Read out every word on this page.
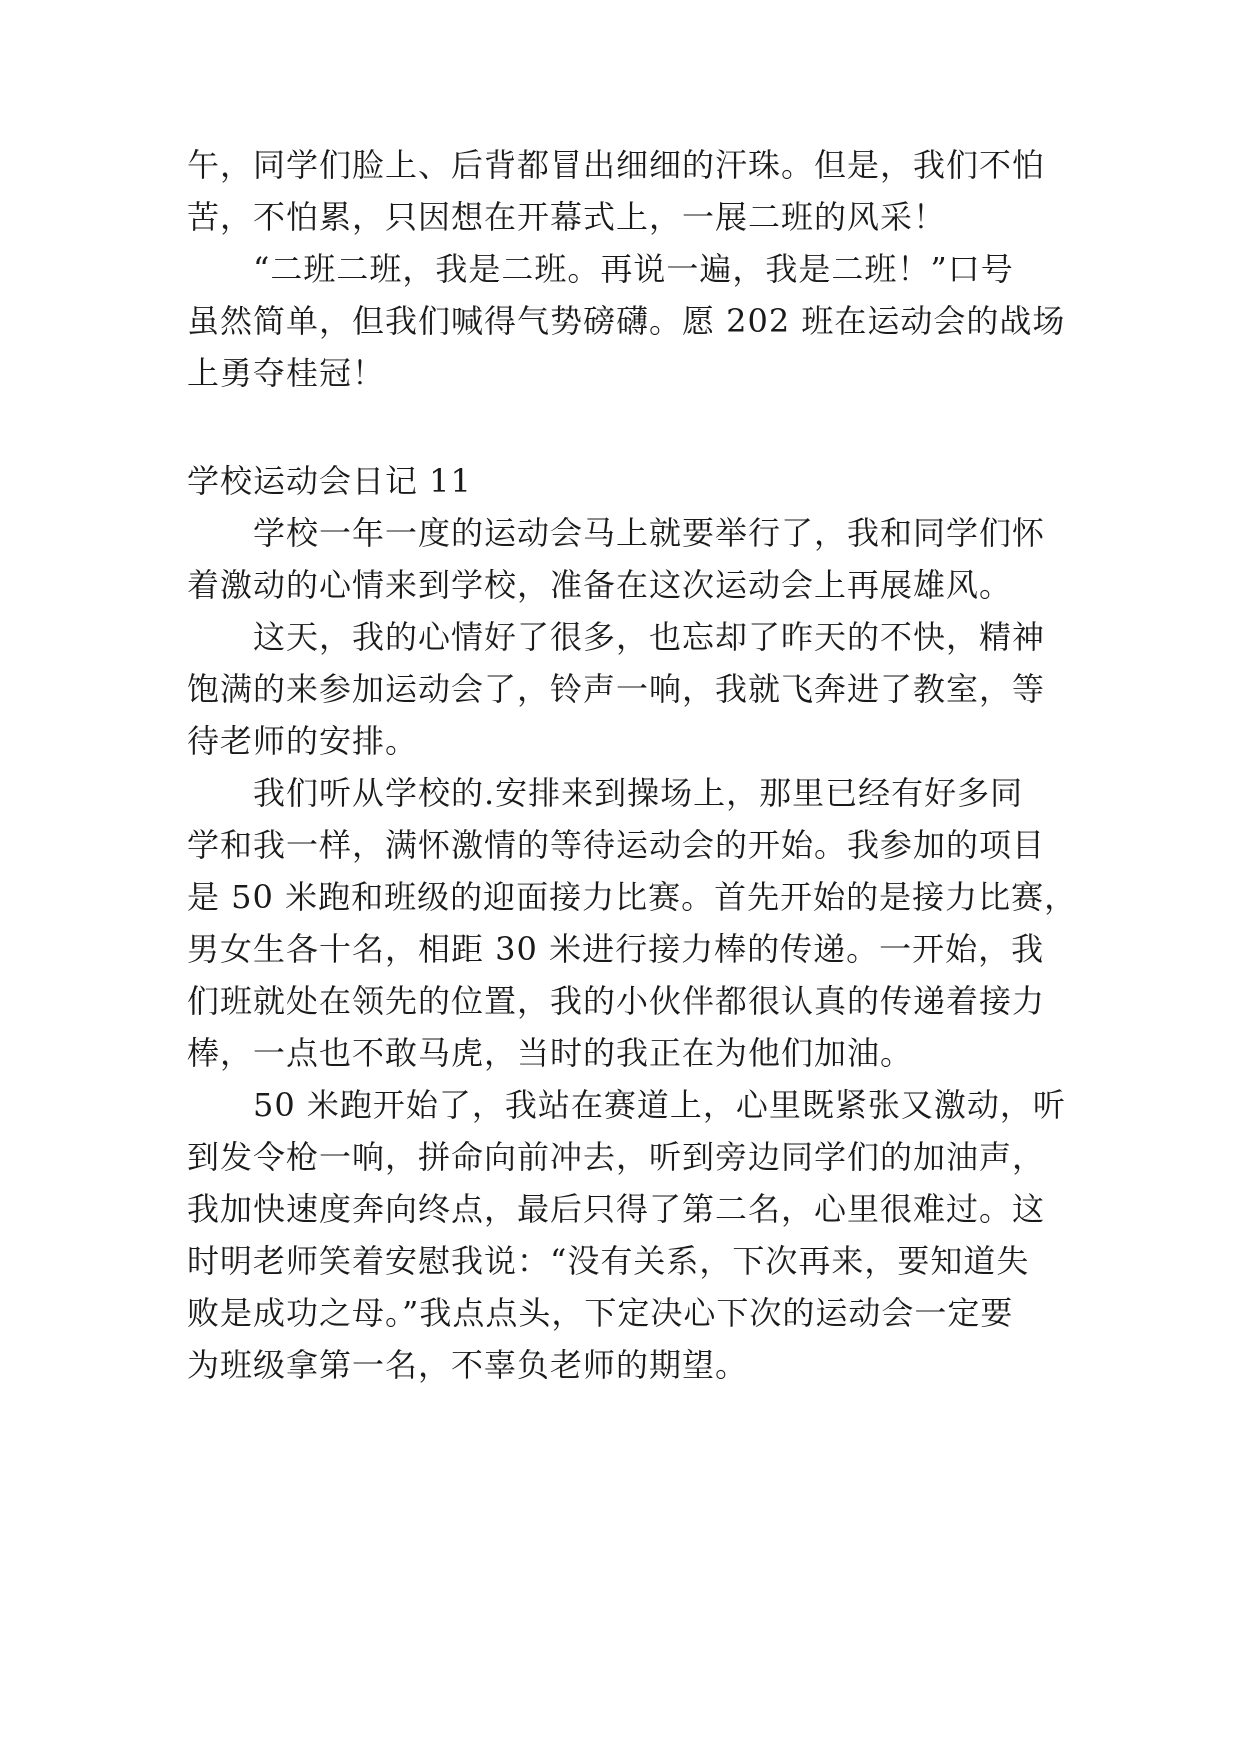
午，同学们脸上、后背都冒出细细的汗珠。但是，我们不怕
苦，不怕累，只因想在开幕式上，一展二班的风采！
“二班二班，我是二班。再说一遍，我是二班！”口号
虽然简单，但我们喊得气势磅礴。愿 202 班在运动会的战场
上勇夺桂冠！
学校运动会日记 11
学校一年一度的运动会马上就要举行了，我和同学们怀
着激动的心情来到学校，准备在这次运动会上再展雄风。
这天，我的心情好了很多，也忘却了昨天的不快，精神
饱满的来参加运动会了，铃声一响，我就飞奔进了教室，等
待老师的安排。
我们听从学校的.安排来到操场上，那里已经有好多同
学和我一样，满怀激情的等待运动会的开始。我参加的项目
是 50 米跑和班级的迎面接力比赛。首先开始的是接力比赛，
男女生各十名，相距 30 米进行接力棒的传递。一开始，我
们班就处在领先的位置，我的小伙伴都很认真的传递着接力
棒，一点也不敢马虎，当时的我正在为他们加油。
50 米跑开始了，我站在赛道上，心里既紧张又激动，听
到发令枪一响，拼命向前冲去，听到旁边同学们的加油声，
我加快速度奔向终点，最后只得了第二名，心里很难过。这
时明老师笑着安慰我说：“没有关系，下次再来，要知道失
败是成功之母。”我点点头，下定决心下次的运动会一定要
为班级拿第一名，不辜负老师的期望。
